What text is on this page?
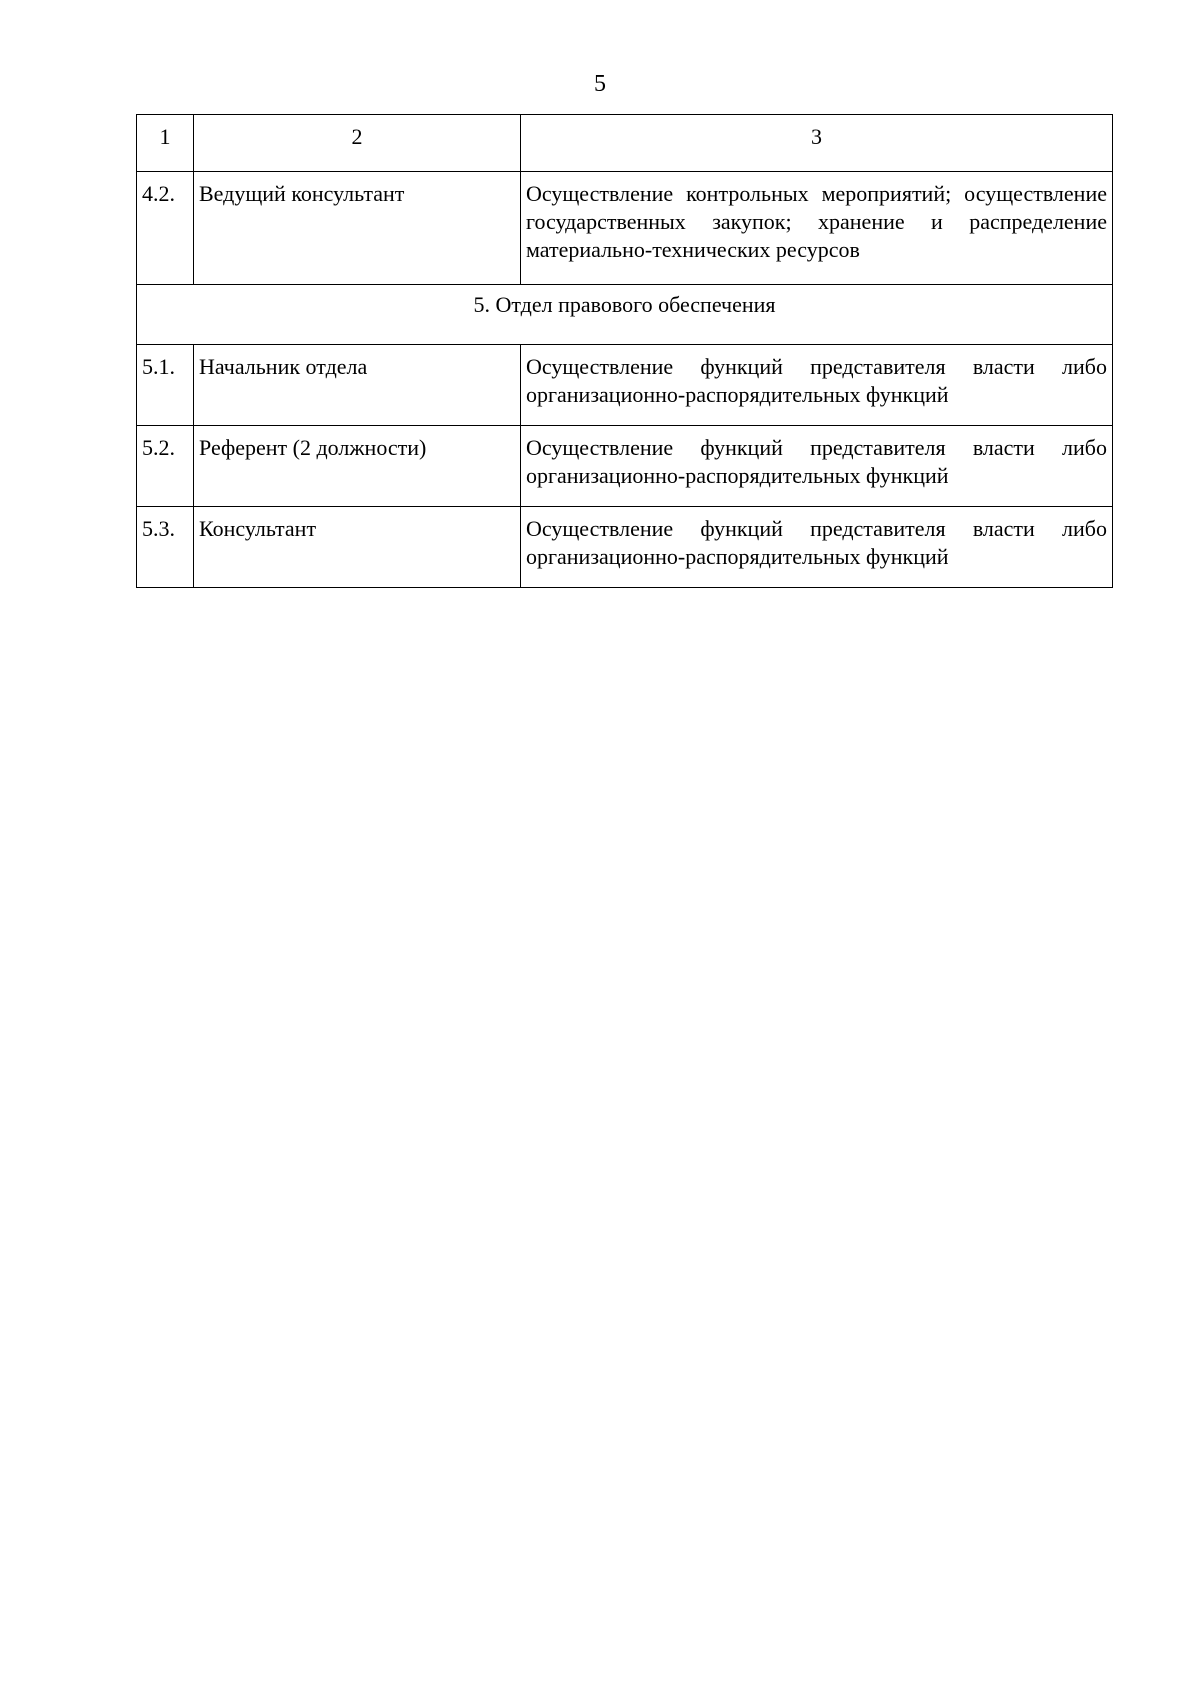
5
1	2	3
4.2.	Ведущий консультант	Осуществление контрольных мероприятий; осуществление государственных закупок; хранение и распределение материально-технических ресурсов
5. Отдел правового обеспечения		
5.1.	Начальник отдела	Осуществление функций представителя власти либо организационно-распорядительных функций
5.2.	Референт (2 должности)	Осуществление функций представителя власти либо организационно-распорядительных функций
5.3.	Консультант	Осуществление функций представителя власти либо организационно-распорядительных функций
